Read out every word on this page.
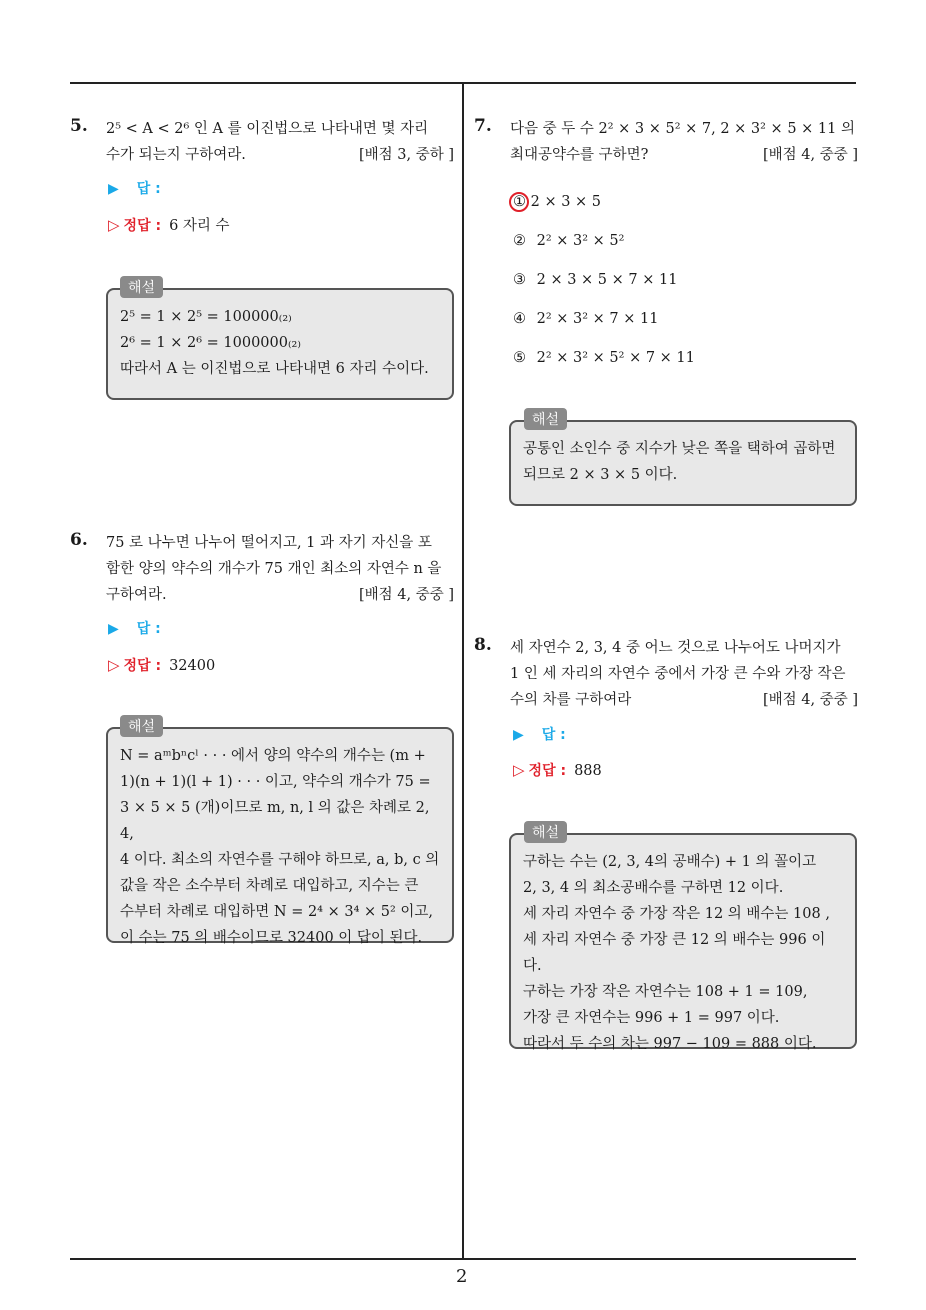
5. 2⁵ < A < 2⁶ 인 A 를 이진법으로 나타내면 몇 자리
수가 되는지 구하여라.	[배점 3, 중하 ]
▶ 답 :
▷ 정답 : 6 자리 수
2⁵ = 1 × 2⁵ = 100000₍₂₎
2⁶ = 1 × 2⁶ = 1000000₍₂₎
따라서 A 는 이진법으로 나타내면 6 자리 수이다.
해설
6. 75 로 나누면 나누어 떨어지고, 1 과 자기 자신을 포
함한 양의 약수의 개수가 75 개인 최소의 자연수 n 을
구하여라.	[배점 4, 중중 ]
▶ 답 :
▷ 정답 : 32400
N = aᵐbⁿcˡ · · · 에서 양의 약수의 개수는 (m +
1)(n + 1)(l + 1) · · · 이고, 약수의 개수가 75 =
3 × 5 × 5 (개)이므로 m, n, l 의 값은 차례로 2, 4,
4 이다. 최소의 자연수를 구해야 하므로, a, b, c 의
값을 작은 소수부터 차례로 대입하고, 지수는 큰
수부터 차례로 대입하면 N = 2⁴ × 3⁴ × 5² 이고,
이 수는 75 의 배수이므로 32400 이 답이 된다.
해설
7. 다음 중 두 수 2² × 3 × 5² × 7, 2 × 3² × 5 × 11 의
최대공약수를 구하면?	[배점 4, 중중 ]
① 2 × 3 × 5
② 2² × 3² × 5²
③ 2 × 3 × 5 × 7 × 11
④ 2² × 3² × 7 × 11
⑤ 2² × 3² × 5² × 7 × 11
공통인 소인수 중 지수가 낮은 쪽을 택하여 곱하면
되므로 2 × 3 × 5 이다.
해설
8. 세 자연수 2, 3, 4 중 어느 것으로 나누어도 나머지가
1 인 세 자리의 자연수 중에서 가장 큰 수와 가장 작은
수의 차를 구하여라	[배점 4, 중중 ]
▶ 답 :
▷ 정답 : 888
구하는 수는 (2, 3, 4의 공배수) + 1 의 꼴이고
2, 3, 4 의 최소공배수를 구하면 12 이다.
세 자리 자연수 중 가장 작은 12 의 배수는 108 ,
세 자리 자연수 중 가장 큰 12 의 배수는 996 이다.
구하는 가장 작은 자연수는 108 + 1 = 109,
가장 큰 자연수는 996 + 1 = 997 이다.
따라서 두 수의 차는 997 − 109 = 888 이다.
해설
2
